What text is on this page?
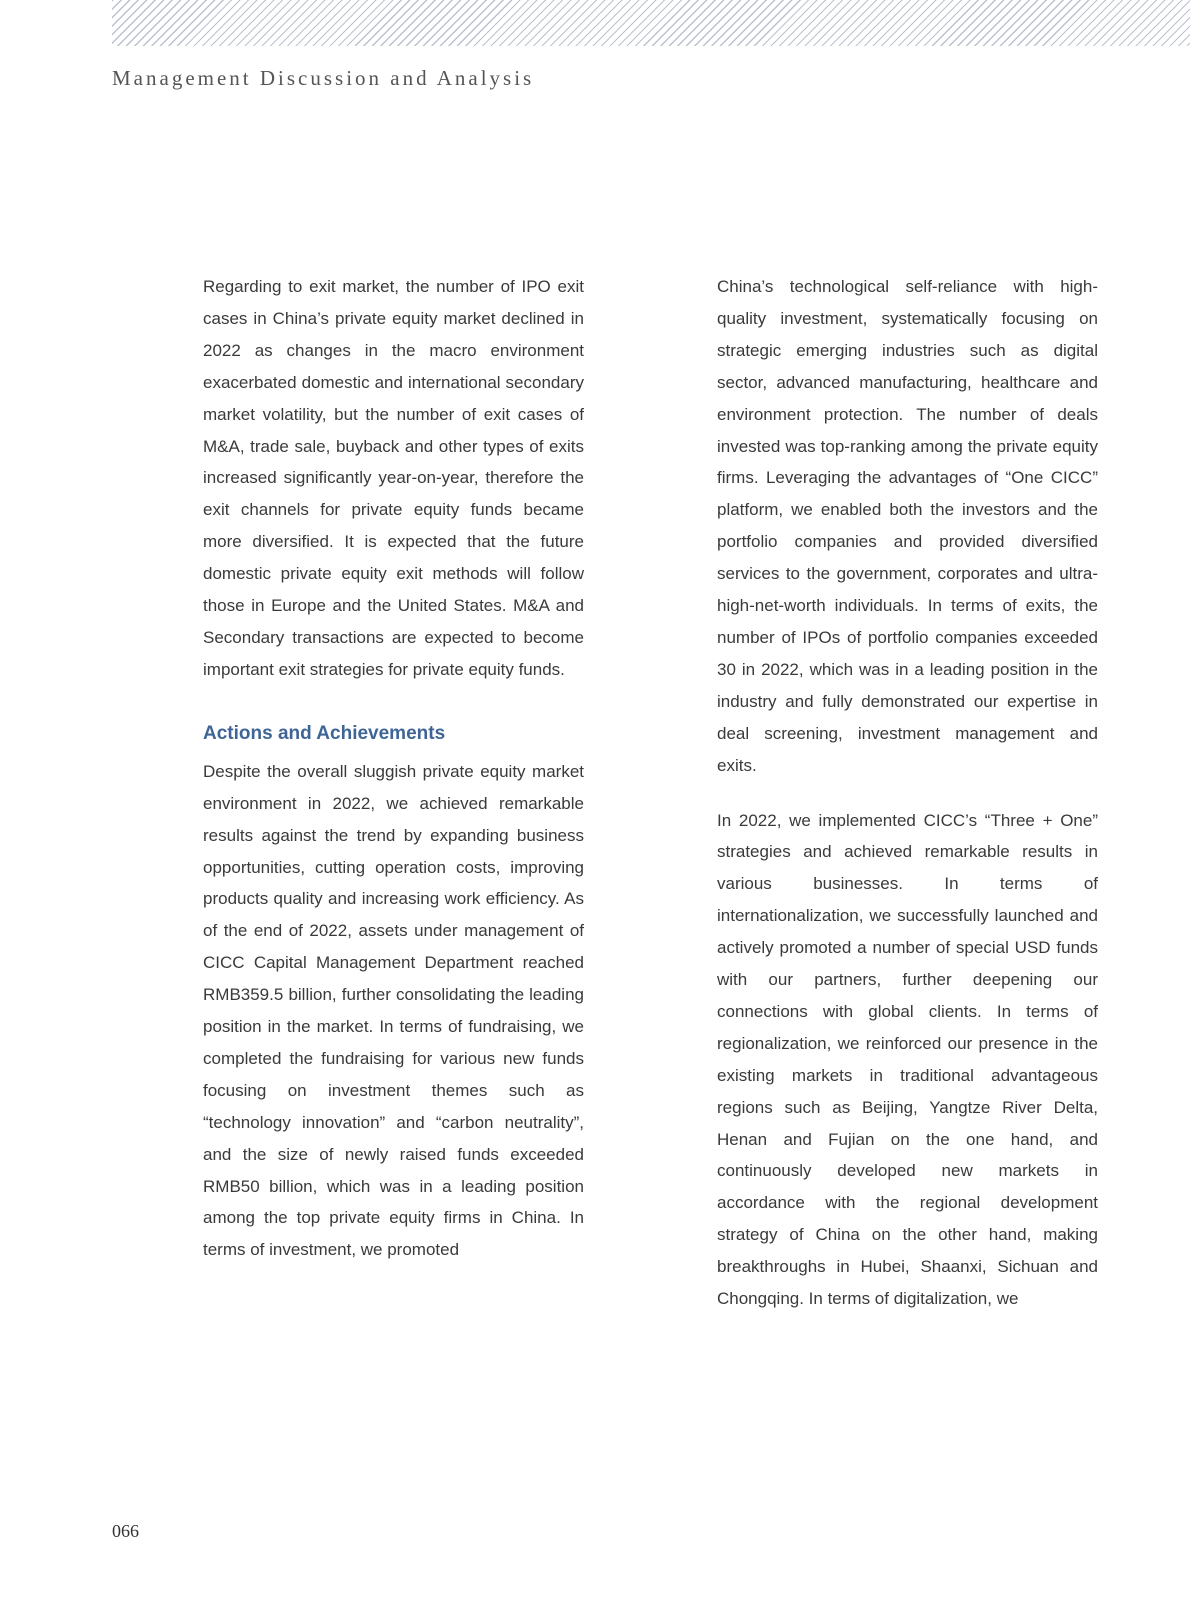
Management Discussion and Analysis

Regarding to exit market, the number of IPO exit cases in China’s private equity market declined in 2022 as changes in the macro environment exacerbated domestic and international secondary market volatility, but the number of exit cases of M&A, trade sale, buyback and other types of exits increased significantly year-on-year, therefore the exit channels for private equity funds became more diversified. It is expected that the future domestic private equity exit methods will follow those in Europe and the United States. M&A and Secondary transactions are expected to become important exit strategies for private equity funds.

Actions and Achievements

Despite the overall sluggish private equity market environment in 2022, we achieved remarkable results against the trend by expanding business opportunities, cutting operation costs, improving products quality and increasing work efficiency. As of the end of 2022, assets under management of CICC Capital Management Department reached RMB359.5 billion, further consolidating the leading position in the market. In terms of fundraising, we completed the fundraising for various new funds focusing on investment themes such as “technology innovation” and “carbon neutrality”, and the size of newly raised funds exceeded RMB50 billion, which was in a leading position among the top private equity firms in China. In terms of investment, we promoted

China’s technological self-reliance with high-quality investment, systematically focusing on strategic emerging industries such as digital sector, advanced manufacturing, healthcare and environment protection. The number of deals invested was top-ranking among the private equity firms. Leveraging the advantages of “One CICC” platform, we enabled both the investors and the portfolio companies and provided diversified services to the government, corporates and ultra-high-net-worth individuals. In terms of exits, the number of IPOs of portfolio companies exceeded 30 in 2022, which was in a leading position in the industry and fully demonstrated our expertise in deal screening, investment management and exits.

In 2022, we implemented CICC’s “Three + One” strategies and achieved remarkable results in various businesses. In terms of internationalization, we successfully launched and actively promoted a number of special USD funds with our partners, further deepening our connections with global clients. In terms of regionalization, we reinforced our presence in the existing markets in traditional advantageous regions such as Beijing, Yangtze River Delta, Henan and Fujian on the one hand, and continuously developed new markets in accordance with the regional development strategy of China on the other hand, making breakthroughs in Hubei, Shaanxi, Sichuan and Chongqing. In terms of digitalization, we

066
